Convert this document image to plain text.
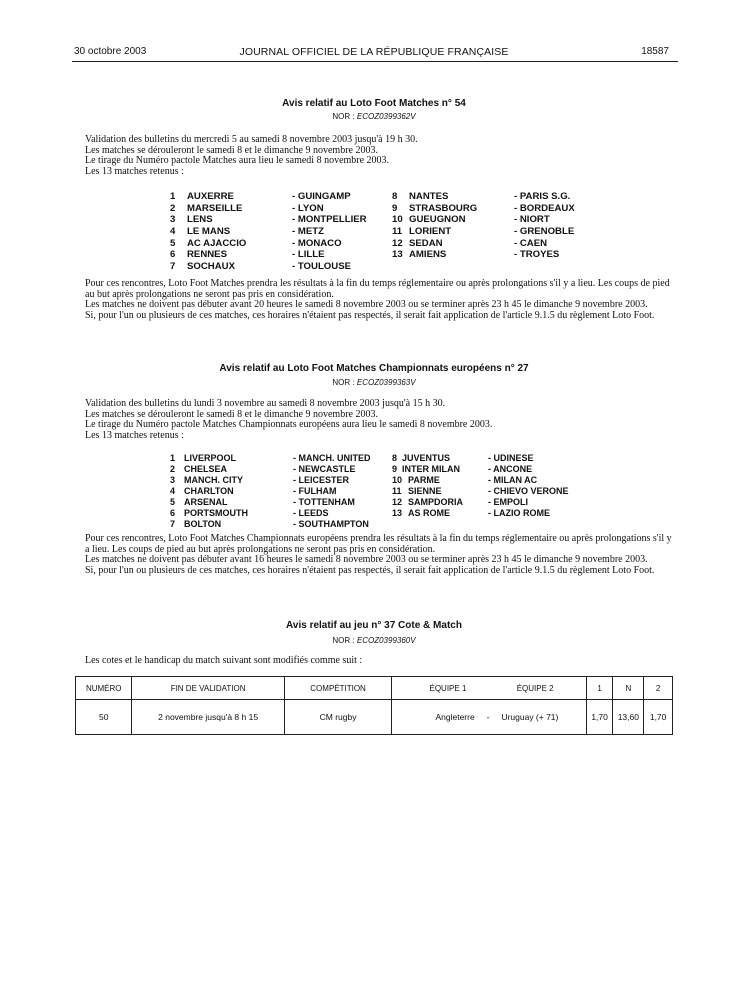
30 octobre 2003	JOURNAL OFFICIEL DE LA RÉPUBLIQUE FRANÇAISE	18587
Avis relatif au Loto Foot Matches n° 54
NOR : ECOZ0399362V

Validation des bulletins du mercredi 5 au samedi 8 novembre 2003 jusqu'à 19 h 30.

Les matches se dérouleront le samedi 8 et le dimanche 9 novembre 2003.

Le tirage du Numéro pactole Matches aura lieu le samedi 8 novembre 2003.

Les 13 matches retenus :

1 AUXERRE	- GUINGAMP
2 MARSEILLE	- LYON
3 LENS	- MONTPELLIER
4 LE MANS	- METZ
5 AC AJACCIO	- MONACO
6 RENNES	- LILLE
7 SOCHAUX	- TOULOUSE
8 NANTES	- PARIS S.G.
9 STRASBOURG	- BORDEAUX
10 GUEUGNON	- NIORT
11 LORIENT	- GRENOBLE
12 SEDAN	- CAEN
13 AMIENS	- TROYES

Pour ces rencontres, Loto Foot Matches prendra les résultats à la fin du temps réglementaire ou après prolongations s'il y a lieu. Les coups de pied au but après prolongations ne seront pas pris en considération.

Les matches ne doivent pas débuter avant 20 heures le samedi 8 novembre 2003 ou se terminer après 23 h 45 le dimanche 9 novembre 2003.

Si, pour l'un ou plusieurs de ces matches, ces horaires n'étaient pas respectés, il serait fait application de l'article 9.1.5 du règlement Loto Foot.

Avis relatif au Loto Foot Matches Championnats européens n° 27
NOR : ECOZ0399363V

Validation des bulletins du lundi 3 novembre au samedi 8 novembre 2003 jusqu'à 15 h 30.

Les matches se dérouleront le samedi 8 et le dimanche 9 novembre 2003.

Le tirage du Numéro pactole Matches Championnats européens aura lieu le samedi 8 novembre 2003.

Les 13 matches retenus :

1 LIVERPOOL	- MANCH. UNITED
2 CHELSEA	- NEWCASTLE
3 MANCH. CITY	- LEICESTER
4 CHARLTON	- FULHAM
5 ARSENAL	- TOTTENHAM
6 PORTSMOUTH	- LEEDS
7 BOLTON	- SOUTHAMPTON
8 JUVENTUS	- UDINESE
9 INTER MILAN	- ANCONE
10 PARME	- MILAN AC
11 SIENNE	- CHIEVO VERONE
12 SAMPDORIA	- EMPOLI
13 AS ROME	- LAZIO ROME

Pour ces rencontres, Loto Foot Matches Championnats européens prendra les résultats à la fin du temps réglementaire ou après prolongations s'il y a lieu. Les coups de pied au but après prolongations ne seront pas pris en considération.

Les matches ne doivent pas débuter avant 16 heures le samedi 8 novembre 2003 ou se terminer après 23 h 45 le dimanche 9 novembre 2003.

Si, pour l'un ou plusieurs de ces matches, ces horaires n'étaient pas respectés, il serait fait application de l'article 9.1.5 du règlement Loto Foot.

Avis relatif au jeu n° 37 Cote & Match
NOR : ECOZ0399360V

Les cotes et le handicap du match suivant sont modifiés comme suit :

NUMÉRO	FIN DE VALIDATION	COMPÉTITION	ÉQUIPE 1 ÉQUIPE 2	1	N	2
50	2 novembre jusqu'à 8 h 15	CM rugby	Angleterre - Uruguay (+ 71)	1,70	13,60	1,70
